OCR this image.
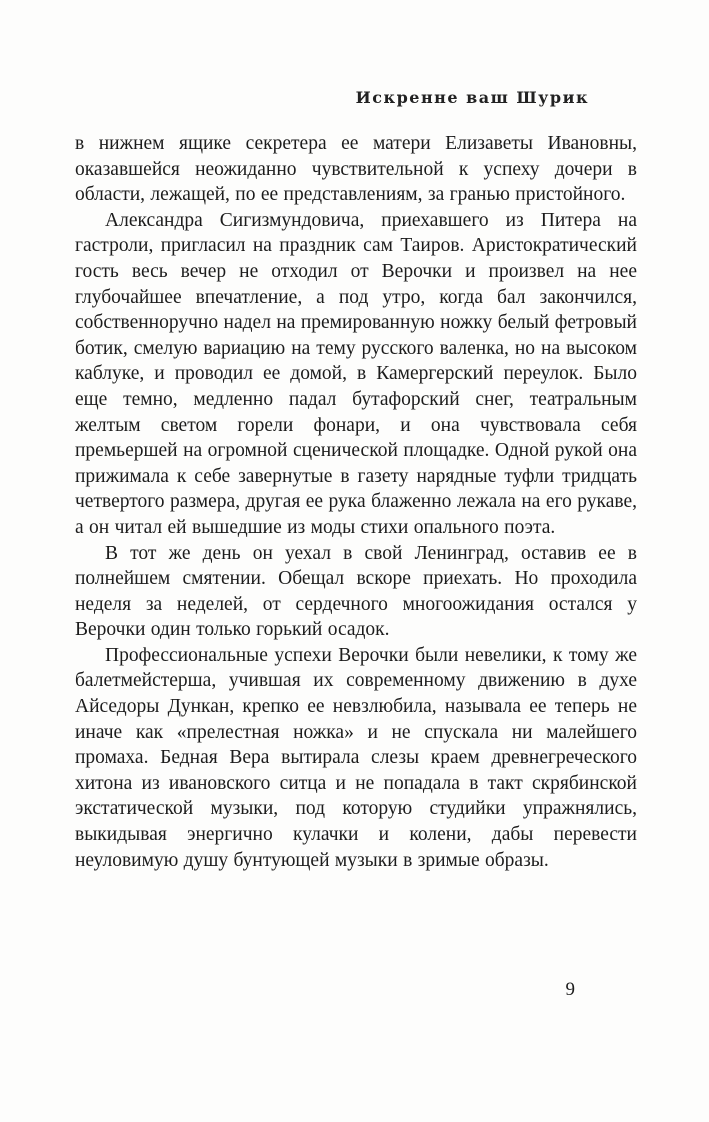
Искренне ваш Шурик

в нижнем ящике секретера ее матери Елизаветы Ивановны, оказавшейся неожиданно чувствительной к успеху дочери в области, лежащей, по ее представлениям, за гранью пристойного.

Александра Сигизмундовича, приехавшего из Питера на гастроли, пригласил на праздник сам Таиров. Аристократический гость весь вечер не отходил от Верочки и произвел на нее глубочайшее впечатление, а под утро, когда бал закончился, собственноручно надел на премированную ножку белый фетровый ботик, смелую вариацию на тему русского валенка, но на высоком каблуке, и проводил ее домой, в Камергерский переулок. Было еще темно, медленно падал бутафорский снег, театральным желтым светом горели фонари, и она чувствовала себя премьершей на огромной сценической площадке. Одной рукой она прижимала к себе завернутые в газету нарядные туфли тридцать четвертого размера, другая ее рука блаженно лежала на его рукаве, а он читал ей вышедшие из моды стихи опального поэта.

В тот же день он уехал в свой Ленинград, оставив ее в полнейшем смятении. Обещал вскоре приехать. Но проходила неделя за неделей, от сердечного многоожидания остался у Верочки один только горький осадок.

Профессиональные успехи Верочки были невелики, к тому же балетмейстерша, учившая их современному движению в духе Айседоры Дункан, крепко ее невзлюбила, называла ее теперь не иначе как «прелестная ножка» и не спускала ни малейшего промаха. Бедная Вера вытирала слезы краем древнегреческого хитона из ивановского ситца и не попадала в такт скрябинской экстатической музыки, под которую студийки упражнялись, выкидывая энергично кулачки и колени, дабы перевести неуловимую душу бунтующей музыки в зримые образы.

9
